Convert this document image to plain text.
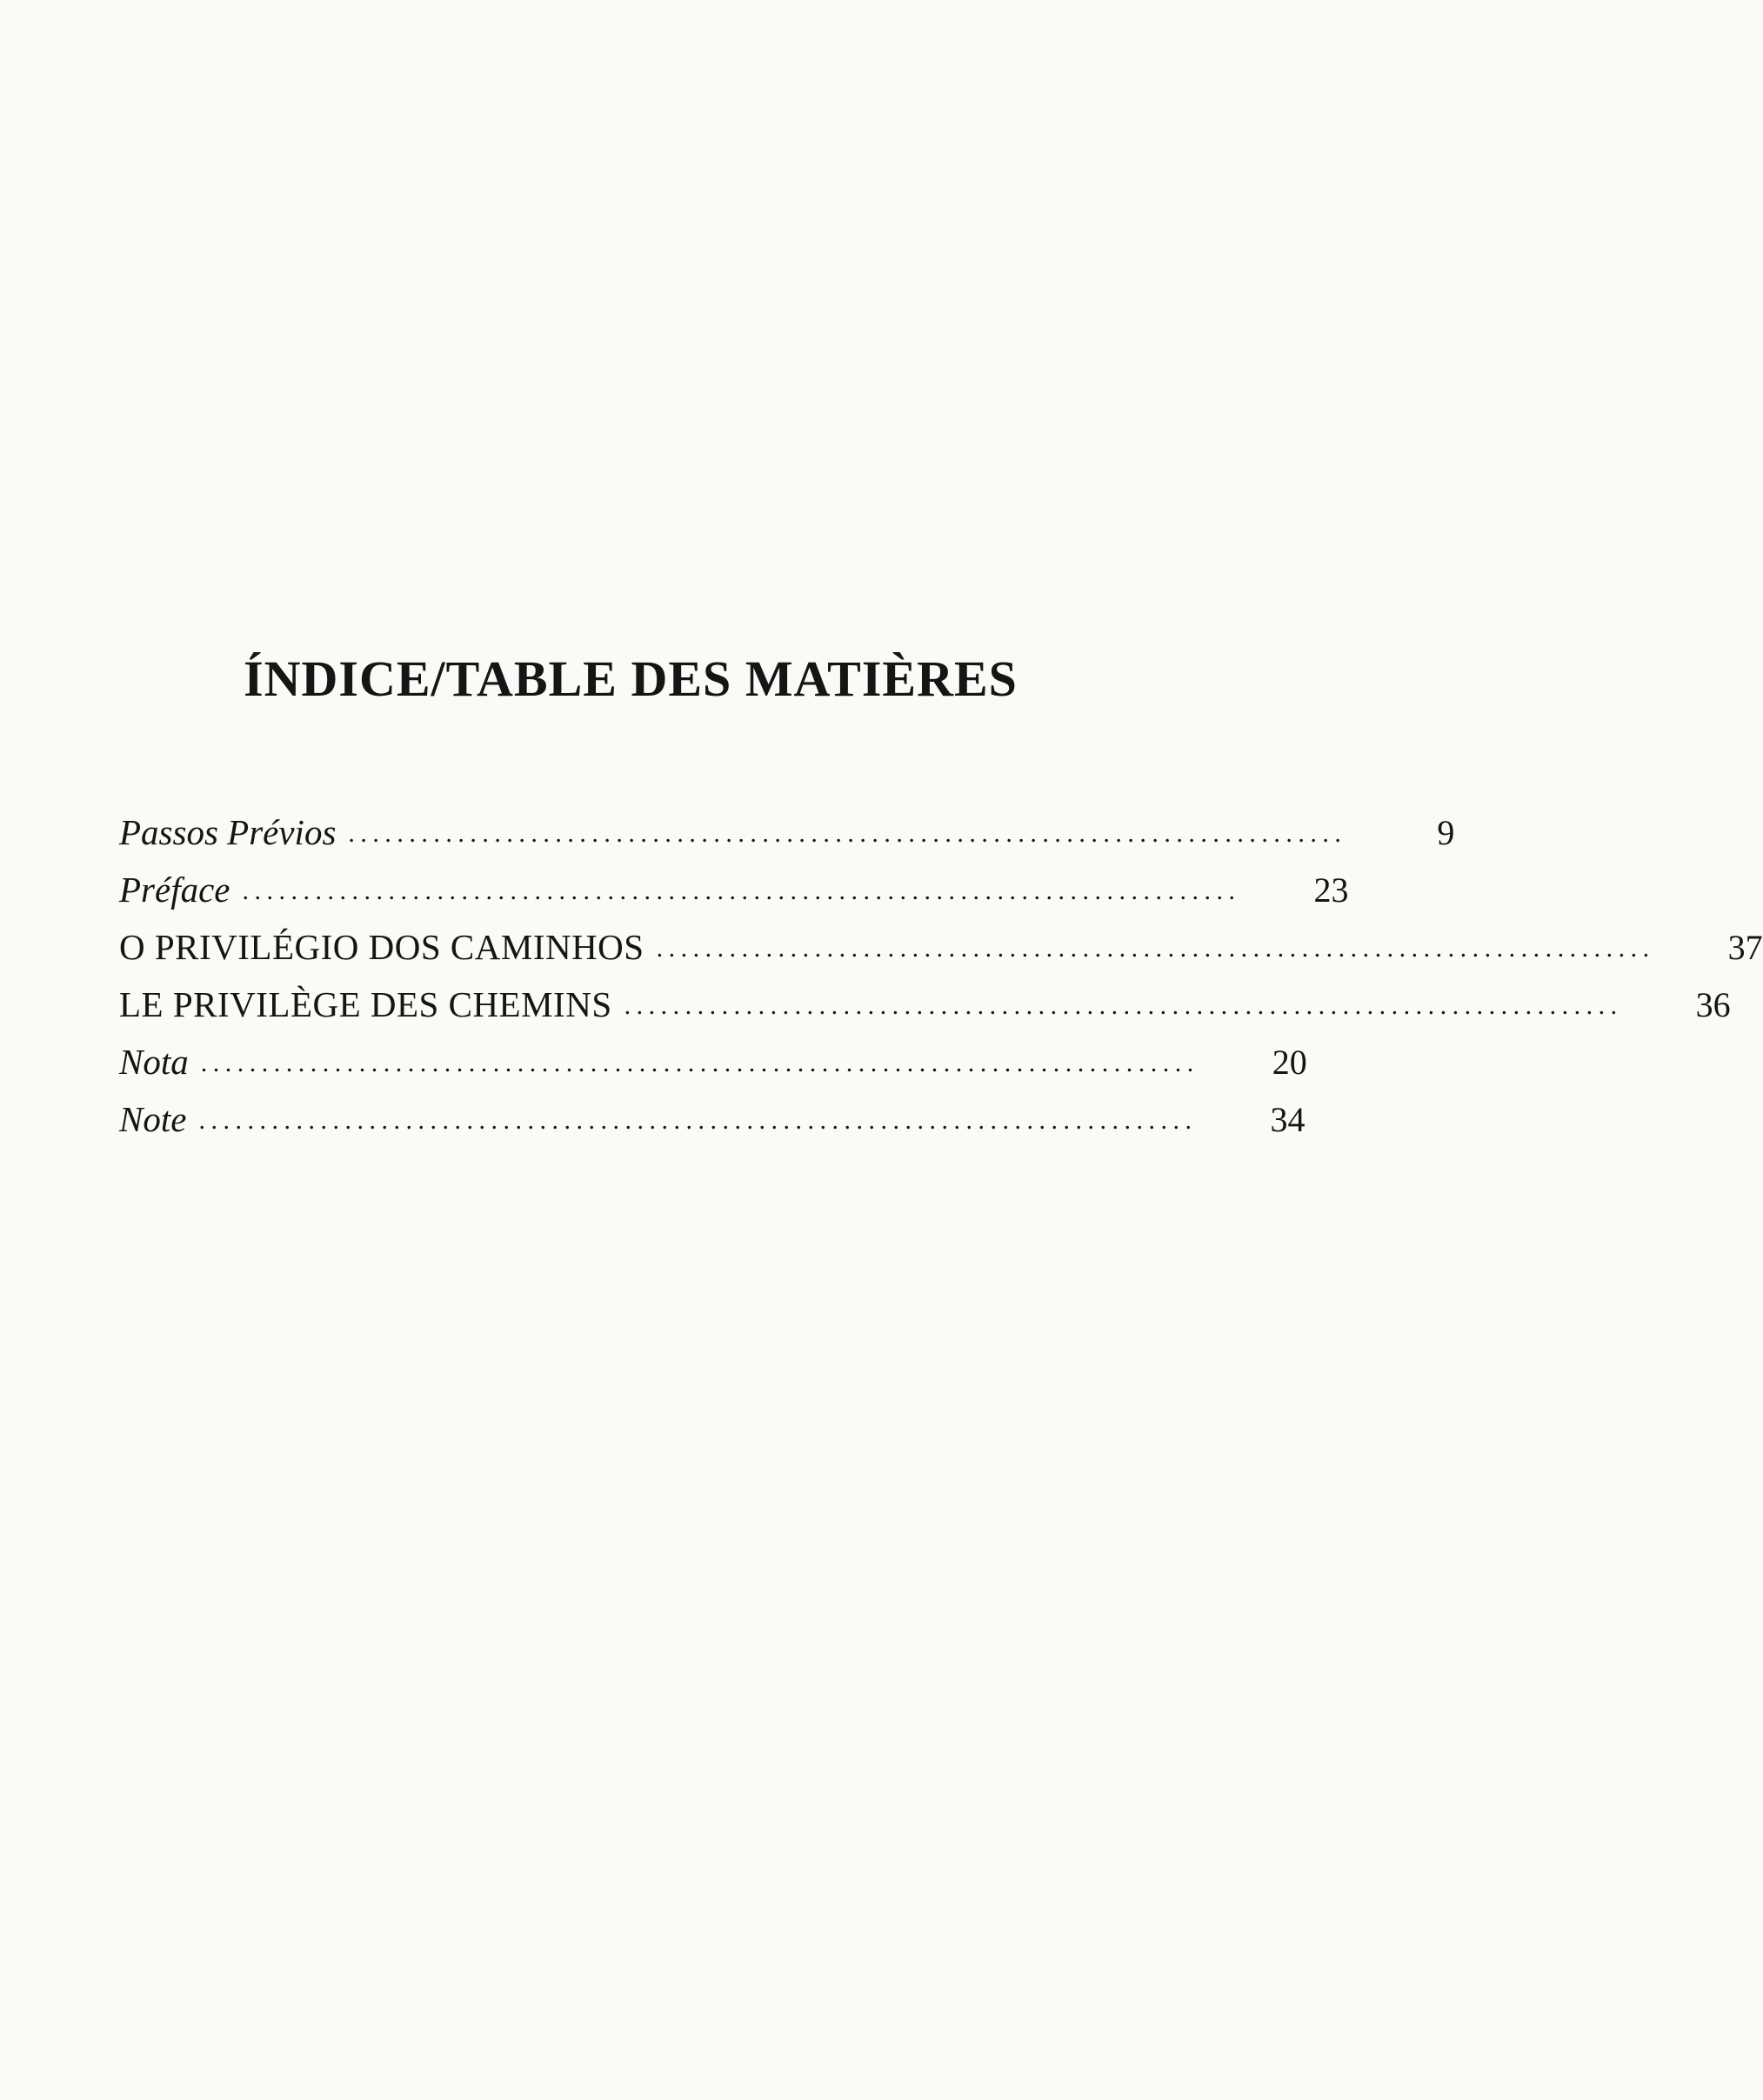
ÍNDICE/TABLE DES MATIÈRES
Passos Prévios ..................................................................................	9
Préface ..................................................................................	23
O PRIVILÉGIO DOS CAMINHOS ..................................................................................	37
LE PRIVILÈGE DES CHEMINS ..................................................................................	36
Nota ..................................................................................	20
Note ..................................................................................	34
